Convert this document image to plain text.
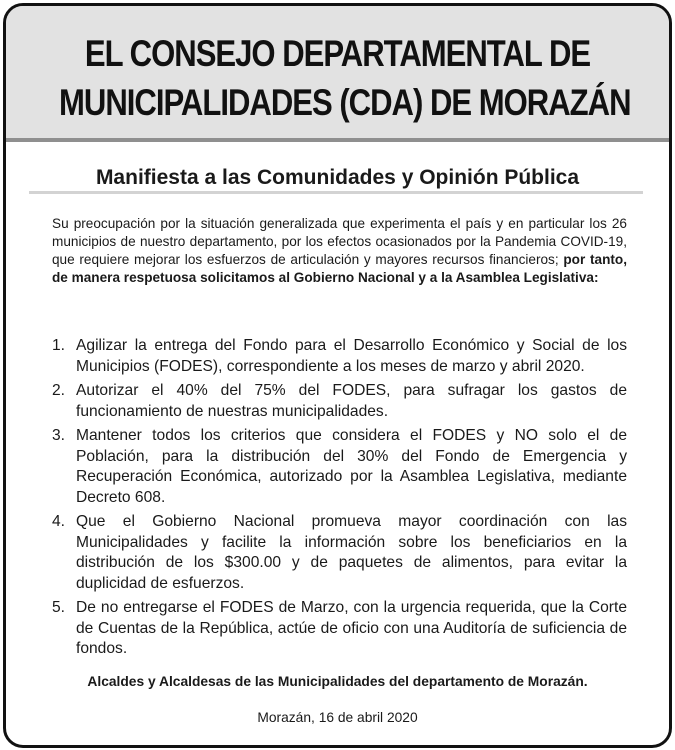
EL CONSEJO DEPARTAMENTAL DE
MUNICIPALIDADES (CDA) DE MORAZÁN
Manifiesta a las Comunidades y Opinión Pública
Su preocupación por la situación generalizada que experimenta el país y en particular los 26 municipios de nuestro departamento, por los efectos ocasionados por la Pandemia COVID-19, que requiere mejorar los esfuerzos de articulación y mayores recursos financieros; por tanto, de manera respetuosa solicitamos al Gobierno Nacional y a la Asamblea Legislativa:
1. Agilizar la entrega del Fondo para el Desarrollo Económico y Social de los Municipios (FODES), correspondiente a los meses de marzo y abril 2020.
2. Autorizar el 40% del 75% del FODES, para sufragar los gastos de funcionamiento de nuestras municipalidades.
3. Mantener todos los criterios que considera el FODES y NO solo el de Población, para la distribución del 30% del Fondo de Emergencia y Recuperación Económica, autorizado por la Asamblea Legislativa, mediante Decreto 608.
4. Que el Gobierno Nacional promueva mayor coordinación con las Municipalidades y facilite la información sobre los beneficiarios en la distribución de los $300.00 y de paquetes de alimentos, para evitar la duplicidad de esfuerzos.
5. De no entregarse el FODES de Marzo, con la urgencia requerida, que la Corte de Cuentas de la República, actúe de oficio con una Auditoría de suficiencia de fondos.
Alcaldes y Alcaldesas de las Municipalidades del departamento de Morazán.
Morazán, 16 de abril 2020
